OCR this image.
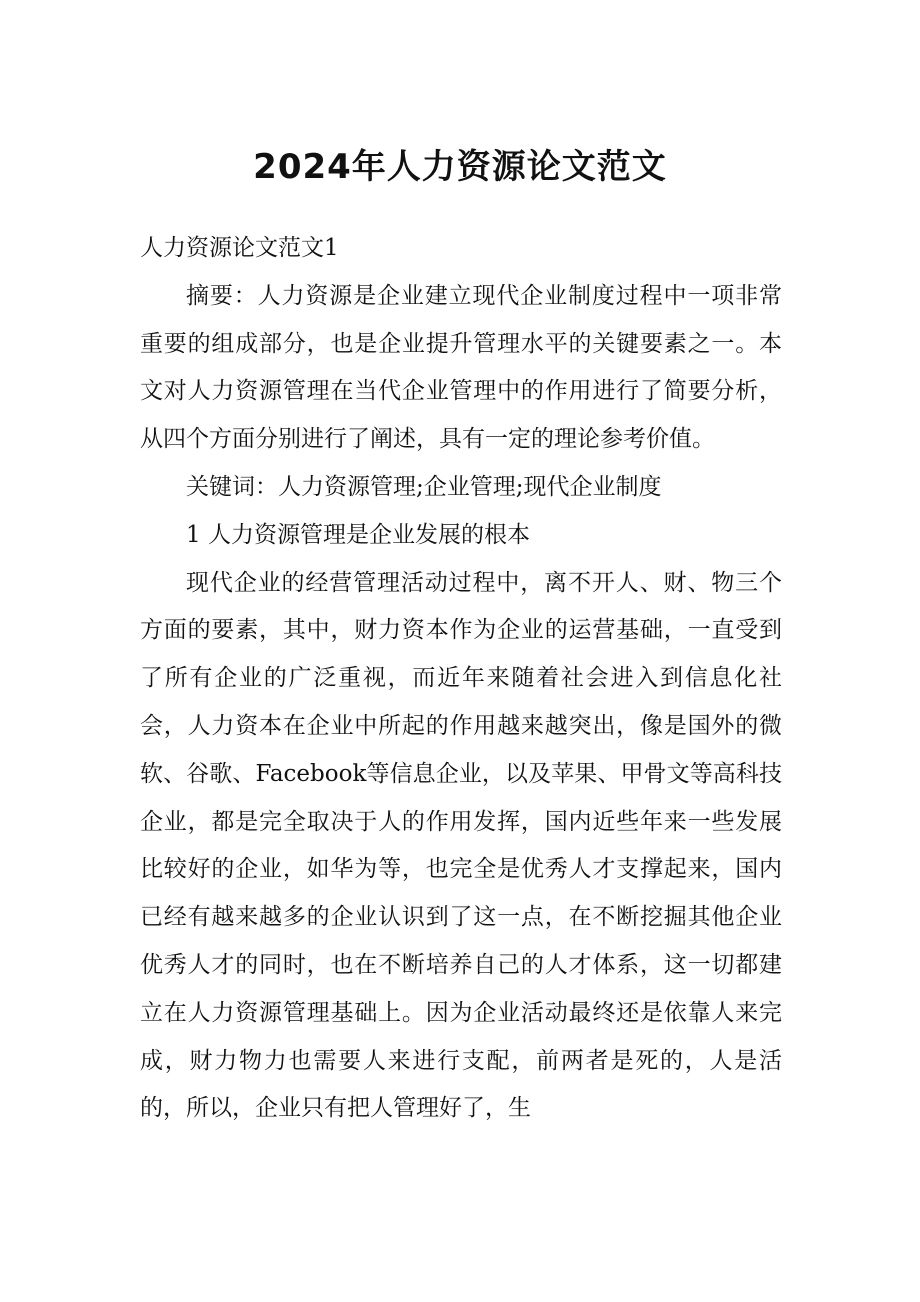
2024年人力资源论文范文

人力资源论文范文1

摘要：人力资源是企业建立现代企业制度过程中一项非常重要的组成部分，也是企业提升管理水平的关键要素之一。本文对人力资源管理在当代企业管理中的作用进行了简要分析，从四个方面分别进行了阐述，具有一定的理论参考价值。

关键词：人力资源管理;企业管理;现代企业制度

1 人力资源管理是企业发展的根本

现代企业的经营管理活动过程中，离不开人、财、物三个方面的要素，其中，财力资本作为企业的运营基础，一直受到了所有企业的广泛重视，而近年来随着社会进入到信息化社会，人力资本在企业中所起的作用越来越突出，像是国外的微软、谷歌、Facebook等信息企业，以及苹果、甲骨文等高科技企业，都是完全取决于人的作用发挥，国内近些年来一些发展比较好的企业，如华为等，也完全是优秀人才支撑起来，国内已经有越来越多的企业认识到了这一点，在不断挖掘其他企业优秀人才的同时，也在不断培养自己的人才体系，这一切都建立在人力资源管理基础上。因为企业活动最终还是依靠人来完成，财力物力也需要人来进行支配，前两者是死的，人是活的，所以，企业只有把人管理好了，生
